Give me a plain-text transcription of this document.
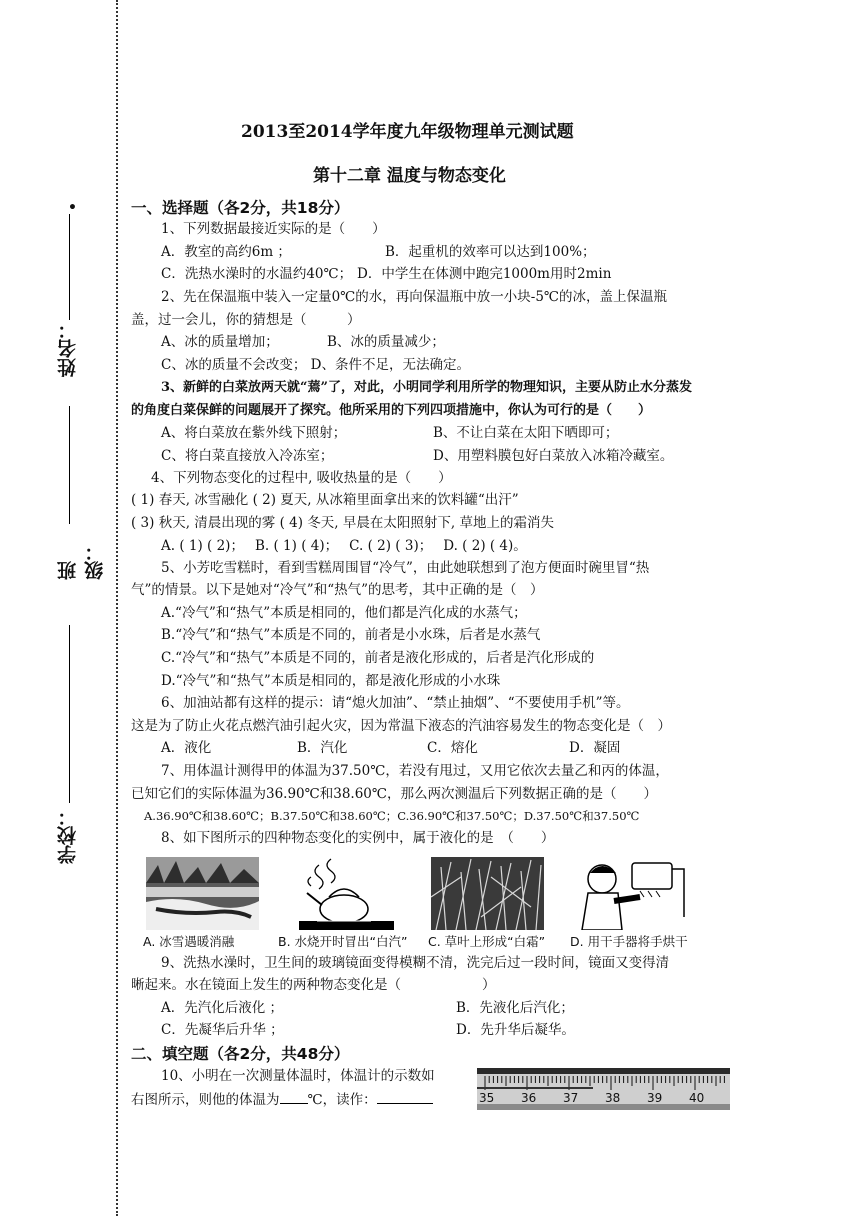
•
姓名：
班级：
学校：
2013至2014学年度九年级物理单元测试题
第十二章 温度与物态变化
一、选择题（各2分，共18分）
1、下列数据最接近实际的是（　　）
A．教室的高约6m ；	B．起重机的效率可以达到100%；
C．洗热水澡时的水温约40℃； D．中学生在体测中跑完1000m用时2min
2、先在保温瓶中装入一定量0℃的水，再向保温瓶中放一小块-5℃的冰，盖上保温瓶
盖，过一会儿，你的猜想是（　　　）
A、冰的质量增加；	B、冰的质量减少；
C、冰的质量不会改变； D、条件不足，无法确定。
3、新鲜的白菜放两天就“蔫”了，对此，小明同学利用所学的物理知识，主要从防止水分蒸发
的角度白菜保鲜的问题展开了探究。他所采用的下列四项措施中，你认为可行的是（　　）
A、将白菜放在紫外线下照射；	B、不让白菜在太阳下晒即可；
C、将白菜直接放入冷冻室；	D、用塑料膜包好白菜放入冰箱冷藏室。
4、下列物态变化的过程中, 吸收热量的是（　　）
( 1) 春天, 冰雪融化 ( 2) 夏天, 从冰箱里面拿出来的饮料罐“出汗”
( 3) 秋天, 清晨出现的雾 ( 4) 冬天, 早晨在太阳照射下, 草地上的霜消失
A. ( 1) ( 2)；　 B. ( 1) ( 4)；　 C. ( 2) ( 3)；　 D. ( 2) ( 4)。
5、小芳吃雪糕时，看到雪糕周围冒“冷气”，由此她联想到了泡方便面时碗里冒“热
气”的情景。以下是她对“冷气”和“热气”的思考，其中正确的是（　）
A.“冷气”和“热气”本质是相同的，他们都是汽化成的水蒸气；
B.“冷气”和“热气”本质是不同的，前者是小水珠，后者是水蒸气
C.“冷气”和“热气”本质是不同的，前者是液化形成的，后者是汽化形成的
D.“冷气”和“热气”本质是相同的，都是液化形成的小水珠
6、加油站都有这样的提示：请“熄火加油”、“禁止抽烟”、“不要使用手机”等。
这是为了防止火花点燃汽油引起火灾，因为常温下液态的汽油容易发生的物态变化是（　）
A．液化	B．汽化	C．熔化	D．凝固
7、用体温计测得甲的体温为37.50℃，若没有甩过，又用它依次去量乙和丙的体温，
已知它们的实际体温为36.90℃和38.60℃，那么两次测温后下列数据正确的是（　　）
A.36.90℃和38.60℃；B.37.50℃和38.60℃；C.36.90℃和37.50℃；D.37.50℃和37.50℃
8、如下图所示的四种物态变化的实例中，属于液化的是　（　　）
A. 冰雪遇暖消融	B. 水烧开时冒出“白汽”	C. 草叶上形成“白霜”	D. 用干手器将手烘干
9、洗热水澡时，卫生间的玻璃镜面变得模糊不清，洗完后过一段时间，镜面又变得清
晰起来。水在镜面上发生的两种物态变化是（　　　　　　）
A．先汽化后液化 ；	B．先液化后汽化；
C．先凝华后升华 ；	D．先升华后凝华。
二、填空题（各2分，共48分）
10、小明在一次测量体温时，体温计的示数如
右图所示，则他的体温为 ℃，读作：	35 36 37 38 39 40
